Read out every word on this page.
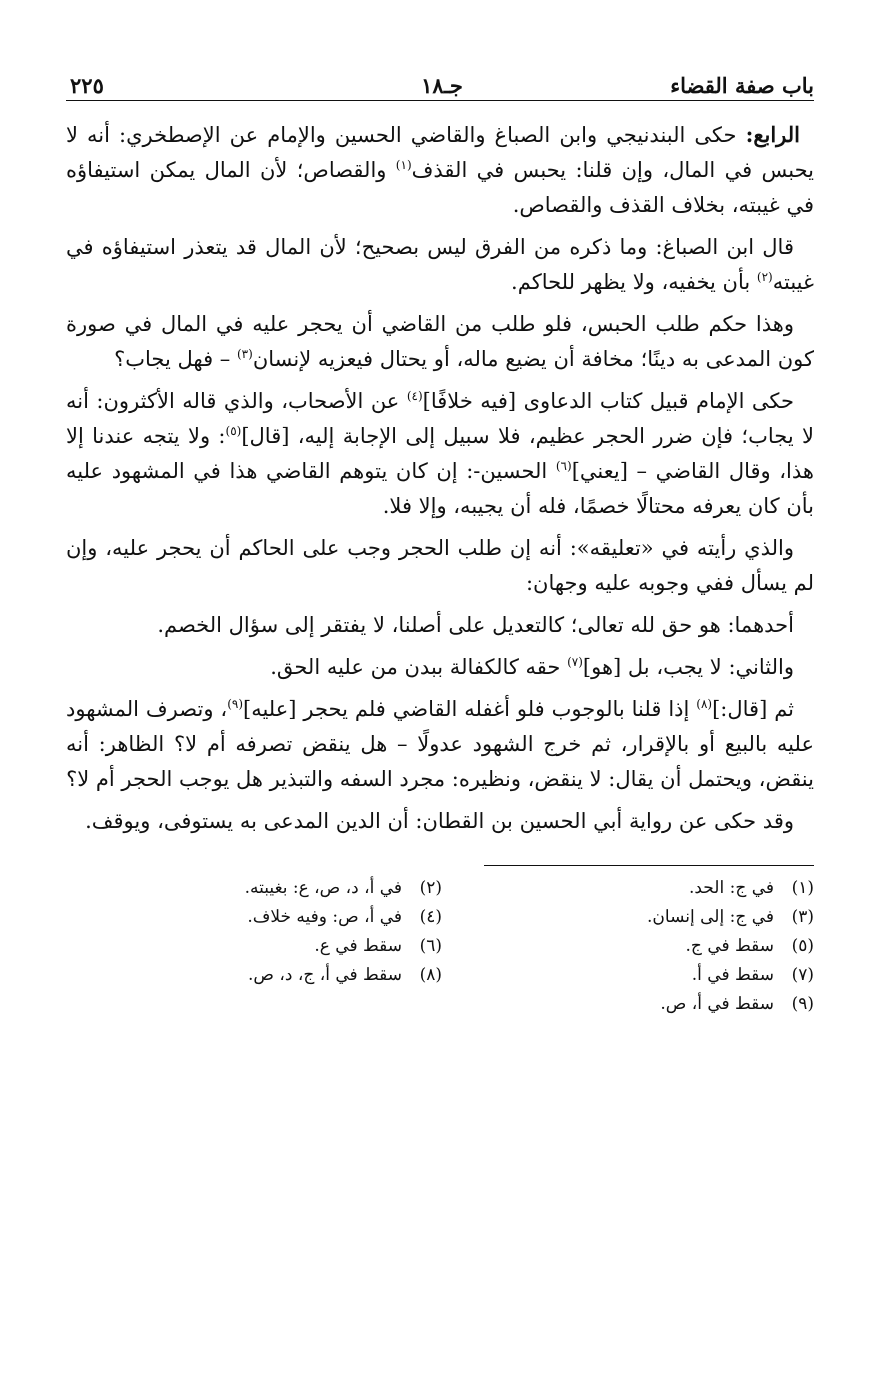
باب صفة القضاء
جـ١٨
٢٢٥

الرابع: حكى البندنيجي وابن الصباغ والقاضي الحسين والإمام عن الإصطخري: أنه لا يحبس في المال، وإن قلنا: يحبس في القذف$^{(١)}$ والقصاص؛ لأن المال يمكن استيفاؤه في غيبته، بخلاف القذف والقصاص.

قال ابن الصباغ: وما ذكره من الفرق ليس بصحيح؛ لأن المال قد يتعذر استيفاؤه في غيبته$^{(٢)}$ بأن يخفيه، ولا يظهر للحاكم.

وهذا حكم طلب الحبس، فلو طلب من القاضي أن يحجر عليه في المال في صورة كون المدعى به دينًا؛ مخافة أن يضيع ماله، أو يحتال فيعزيه لإنسان$^{(٣)}$ – فهل يجاب؟

حكى الإمام قبيل كتاب الدعاوى [فيه خلافًا]$^{(٤)}$ عن الأصحاب، والذي قاله الأكثرون: أنه لا يجاب؛ فإن ضرر الحجر عظيم، فلا سبيل إلى الإجابة إليه، [قال]$^{(٥)}$: ولا يتجه عندنا إلا هذا، وقال القاضي – [يعني]$^{(٦)}$ الحسين-: إن كان يتوهم القاضي هذا في المشهود عليه بأن كان يعرفه محتالًا خصمًا، فله أن يجيبه، وإلا فلا.

والذي رأيته في «تعليقه»: أنه إن طلب الحجر وجب على الحاكم أن يحجر عليه، وإن لم يسأل ففي وجوبه عليه وجهان:

أحدهما: هو حق لله تعالى؛ كالتعديل على أصلنا، لا يفتقر إلى سؤال الخصم.

والثاني: لا يجب، بل [هو]$^{(٧)}$ حقه كالكفالة ببدن من عليه الحق.

ثم [قال:]$^{(٨)}$ إذا قلنا بالوجوب فلو أغفله القاضي فلم يحجر [عليه]$^{(٩)}$، وتصرف المشهود عليه بالبيع أو بالإقرار، ثم خرج الشهود عدولًا – هل ينقض تصرفه أم لا؟ الظاهر: أنه ينقض، ويحتمل أن يقال: لا ينقض، ونظيره: مجرد السفه والتبذير هل يوجب الحجر أم لا؟

وقد حكى عن رواية أبي الحسين بن القطان: أن الدين المدعى به يستوفى، ويوقف.

(١)في ج: الحد.
(٢)في أ، د، ص، ع: بغيبته.
(٣)في ج: إلى إنسان.
(٤)في أ، ص: وفيه خلاف.
(٥)سقط في ج.
(٦)سقط في ع.
(٧)سقط في أ.
(٨)سقط في أ، ج، د، ص.
(٩)سقط في أ، ص.
